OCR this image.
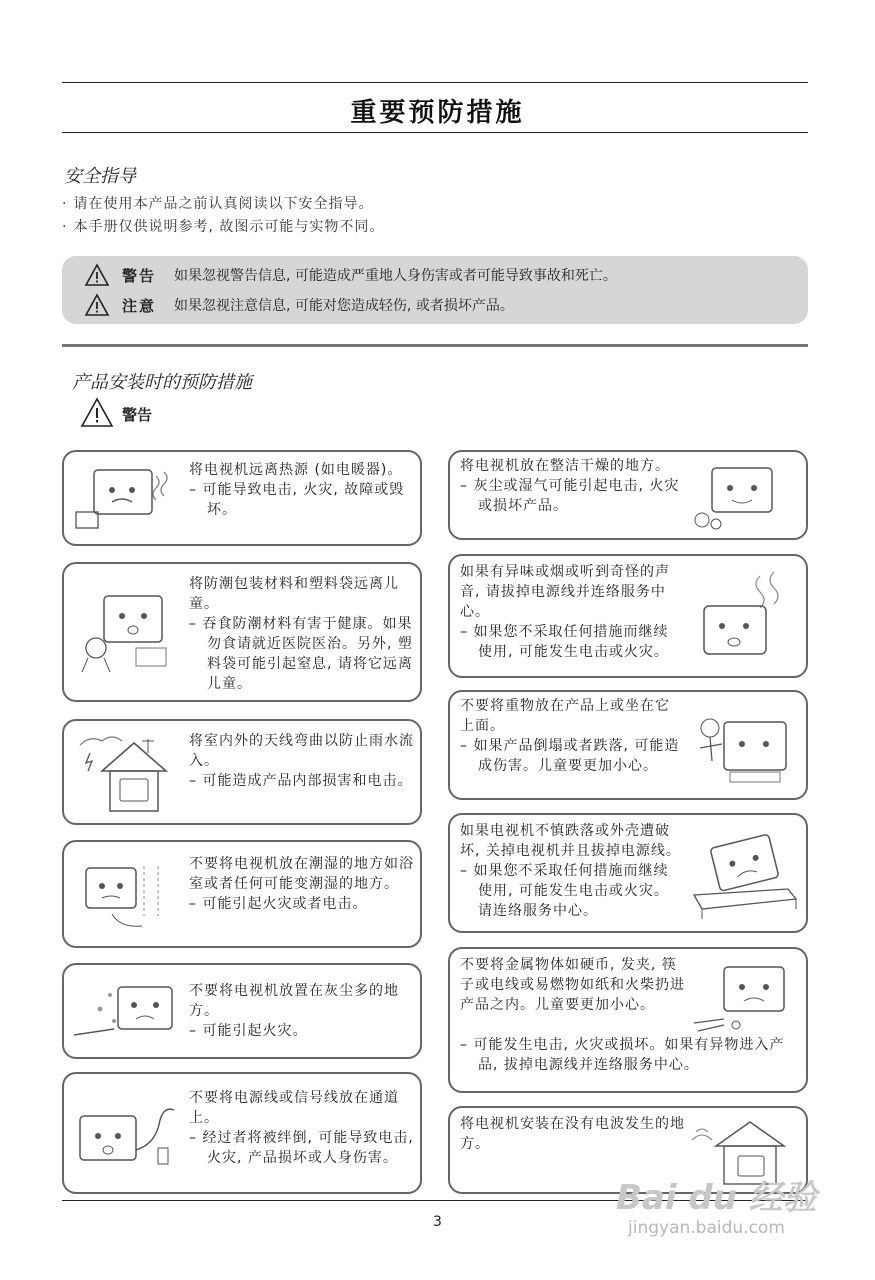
重要预防措施
安全指导
· 请在使用本产品之前认真阅读以下安全指导。
· 本手册仅供说明参考, 故图示可能与实物不同。
警告 如果忽视警告信息, 可能造成严重地人身伤害或者可能导致事故和死亡。
注意 如果忽视注意信息, 可能对您造成轻伤, 或者损坏产品。
产品安装时的预防措施
警告

将电视机远离热源 (如电暖器)。

– 可能导致电击, 火灾, 故障或毁坏。

将防潮包装材料和塑料袋远离儿童。

– 吞食防潮材料有害于健康。如果勿食请就近医院医治。另外, 塑料袋可能引起窒息, 请将它远离儿童。

将室内外的天线弯曲以防止雨水流入。

– 可能造成产品内部损害和电击。

不要将电视机放在潮湿的地方如浴室或者任何可能变潮湿的地方。

– 可能引起火灾或者电击。

不要将电视机放置在灰尘多的地方。

– 可能引起火灾。

不要将电源线或信号线放在通道上。

– 经过者将被绊倒, 可能导致电击, 火灾, 产品损坏或人身伤害。

将电视机放在整洁干燥的地方。

– 灰尘或湿气可能引起电击, 火灾或损坏产品。

如果有异味或烟或听到奇怪的声音, 请拔掉电源线并连络服务中心。

– 如果您不采取任何措施而继续使用, 可能发生电击或火灾。

不要将重物放在产品上或坐在它上面。

– 如果产品倒塌或者跌落, 可能造成伤害。儿童要更加小心。

如果电视机不慎跌落或外壳遭破坏, 关掉电视机并且拔掉电源线。

– 如果您不采取任何措施而继续使用, 可能发生电击或火灾。请连络服务中心。

不要将金属物体如硬币, 发夹, 筷子或电线或易燃物如纸和火柴扔进产品之内。儿童要更加小心。

– 可能发生电击, 火灾或损坏。如果有异物进入产品, 拔掉电源线并连络服务中心。

将电视机安装在没有电波发生的地方。

3
Bai du 经验
jingyan.baidu.com
